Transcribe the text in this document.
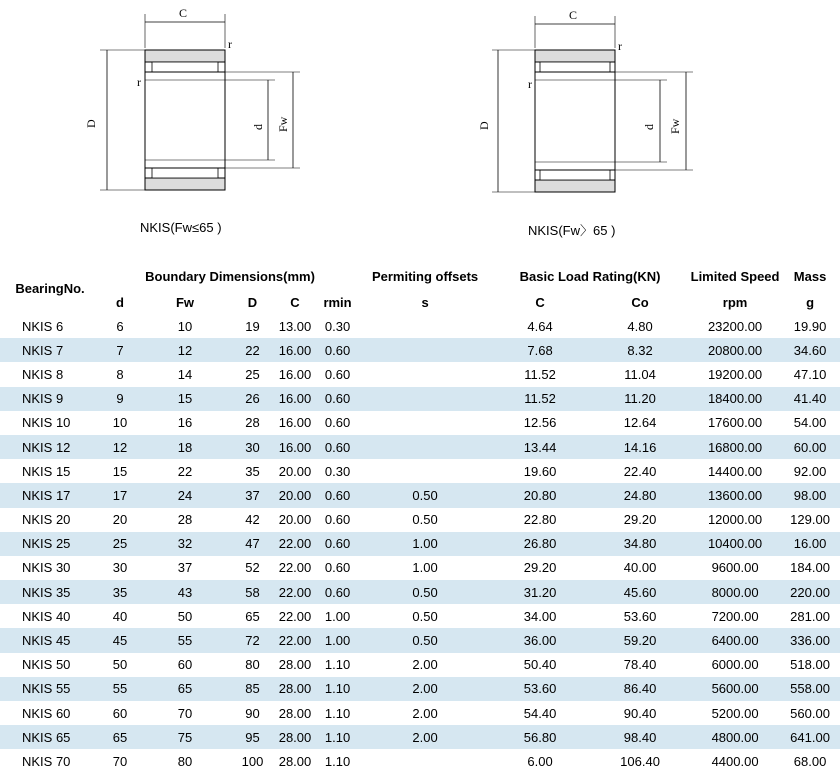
D
C
r
r
d Fw
NKIS(Fw≤65 )
D
C
r
r
d Fw
NKIS(Fw〉65 )
BearingNo.	Boundary Dimensions(mm)					Permiting offsets	Basic Load Rating(KN)		Limited Speed	Mass
	d	Fw	D	C	rmin	s	C	Co	rpm	g
NKIS 6	6	10	19	13.00	0.30		4.64	4.80	23200.00	19.90
NKIS 7	7	12	22	16.00	0.60		7.68	8.32	20800.00	34.60
NKIS 8	8	14	25	16.00	0.60		11.52	11.04	19200.00	47.10
NKIS 9	9	15	26	16.00	0.60		11.52	11.20	18400.00	41.40
NKIS 10	10	16	28	16.00	0.60		12.56	12.64	17600.00	54.00
NKIS 12	12	18	30	16.00	0.60		13.44	14.16	16800.00	60.00
NKIS 15	15	22	35	20.00	0.30		19.60	22.40	14400.00	92.00
NKIS 17	17	24	37	20.00	0.60	0.50	20.80	24.80	13600.00	98.00
NKIS 20	20	28	42	20.00	0.60	0.50	22.80	29.20	12000.00	129.00
NKIS 25	25	32	47	22.00	0.60	1.00	26.80	34.80	10400.00	16.00
NKIS 30	30	37	52	22.00	0.60	1.00	29.20	40.00	9600.00	184.00
NKIS 35	35	43	58	22.00	0.60	0.50	31.20	45.60	8000.00	220.00
NKIS 40	40	50	65	22.00	1.00	0.50	34.00	53.60	7200.00	281.00
NKIS 45	45	55	72	22.00	1.00	0.50	36.00	59.20	6400.00	336.00
NKIS 50	50	60	80	28.00	1.10	2.00	50.40	78.40	6000.00	518.00
NKIS 55	55	65	85	28.00	1.10	2.00	53.60	86.40	5600.00	558.00
NKIS 60	60	70	90	28.00	1.10	2.00	54.40	90.40	5200.00	560.00
NKIS 65	65	75	95	28.00	1.10	2.00	56.80	98.40	4800.00	641.00
NKIS 70	70	80	100	28.00	1.10		6.00	106.40	4400.00	68.00
